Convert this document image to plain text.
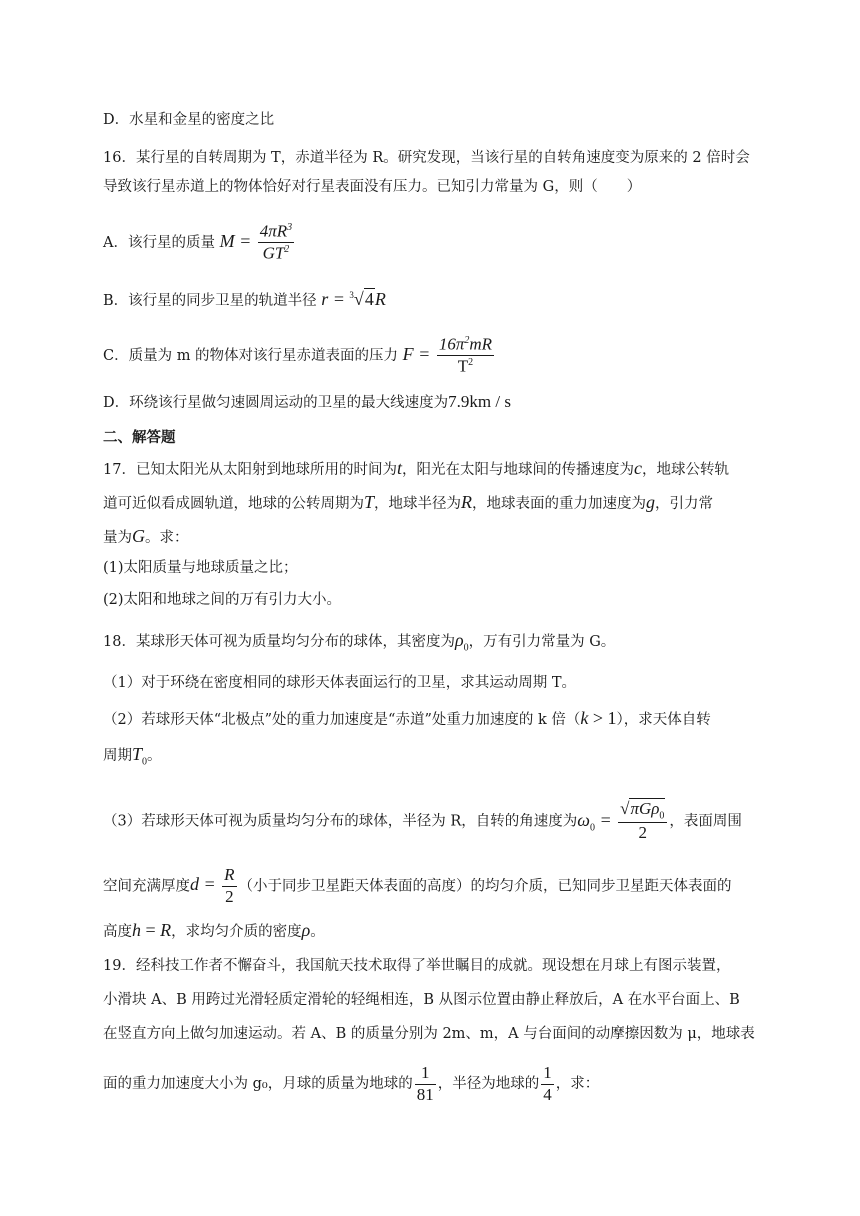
D．水星和金星的密度之比
16．某行星的自转周期为 T，赤道半径为 R。研究发现，当该行星的自转角速度变为原来的 2 倍时会
导致该行星赤道上的物体恰好对行星表面没有压力。已知引力常量为 G，则（　　）
A．该行星的质量 $M = \frac{4\pi R^3}{GT^2}$
B．该行星的同步卫星的轨道半径 r = $^3$√4R
C．质量为 m 的物体对该行星赤道表面的压力 $F = \frac{16\pi^2mR}{T^2}$
D．环绕该行星做匀速圆周运动的卫星的最大线速度为7.9km / s
二、解答题
17．已知太阳光从太阳射到地球所用的时间为t，阳光在太阳与地球间的传播速度为c，地球公转轨
道可近似看成圆轨道，地球的公转周期为T，地球半径为R，地球表面的重力加速度为g，引力常
量为G。求：
(1)太阳质量与地球质量之比；
(2)太阳和地球之间的万有引力大小。
18．某球形天体可视为质量均匀分布的球体，其密度为$\rho_0$，万有引力常量为 G。
（1）对于环绕在密度相同的球形天体表面运行的卫星，求其运动周期 T。
（2）若球形天体“北极点”处的重力加速度是“赤道”处重力加速度的 k 倍（k > 1），求天体自转
周期$T_0$。
（3）若球形天体可视为质量均匀分布的球体，半径为 R，自转的角速度为$\omega_0 = \frac{√\pi G\rho_0}{2}$ ，表面周围
空间充满厚度$d = \frac{R}{2}$ （小于同步卫星距天体表面的高度）的均匀介质，已知同步卫星距天体表面的
高度h = R，求均匀介质的密度ρ。
19．经科技工作者不懈奋斗，我国航天技术取得了举世瞩目的成就。现设想在月球上有图示装置，
小滑块 A、B 用跨过光滑轻质定滑轮的轻绳相连，B 从图示位置由静止释放后，A 在水平台面上、B
在竖直方向上做匀加速运动。若 A、B 的质量分别为 2m、m，A 与台面间的动摩擦因数为 μ，地球表
面的重力加速度大小为 g₀，月球的质量为地球的 $\frac{1}{81}$ ，半径为地球的 $\frac{1}{4}$ ，求：
